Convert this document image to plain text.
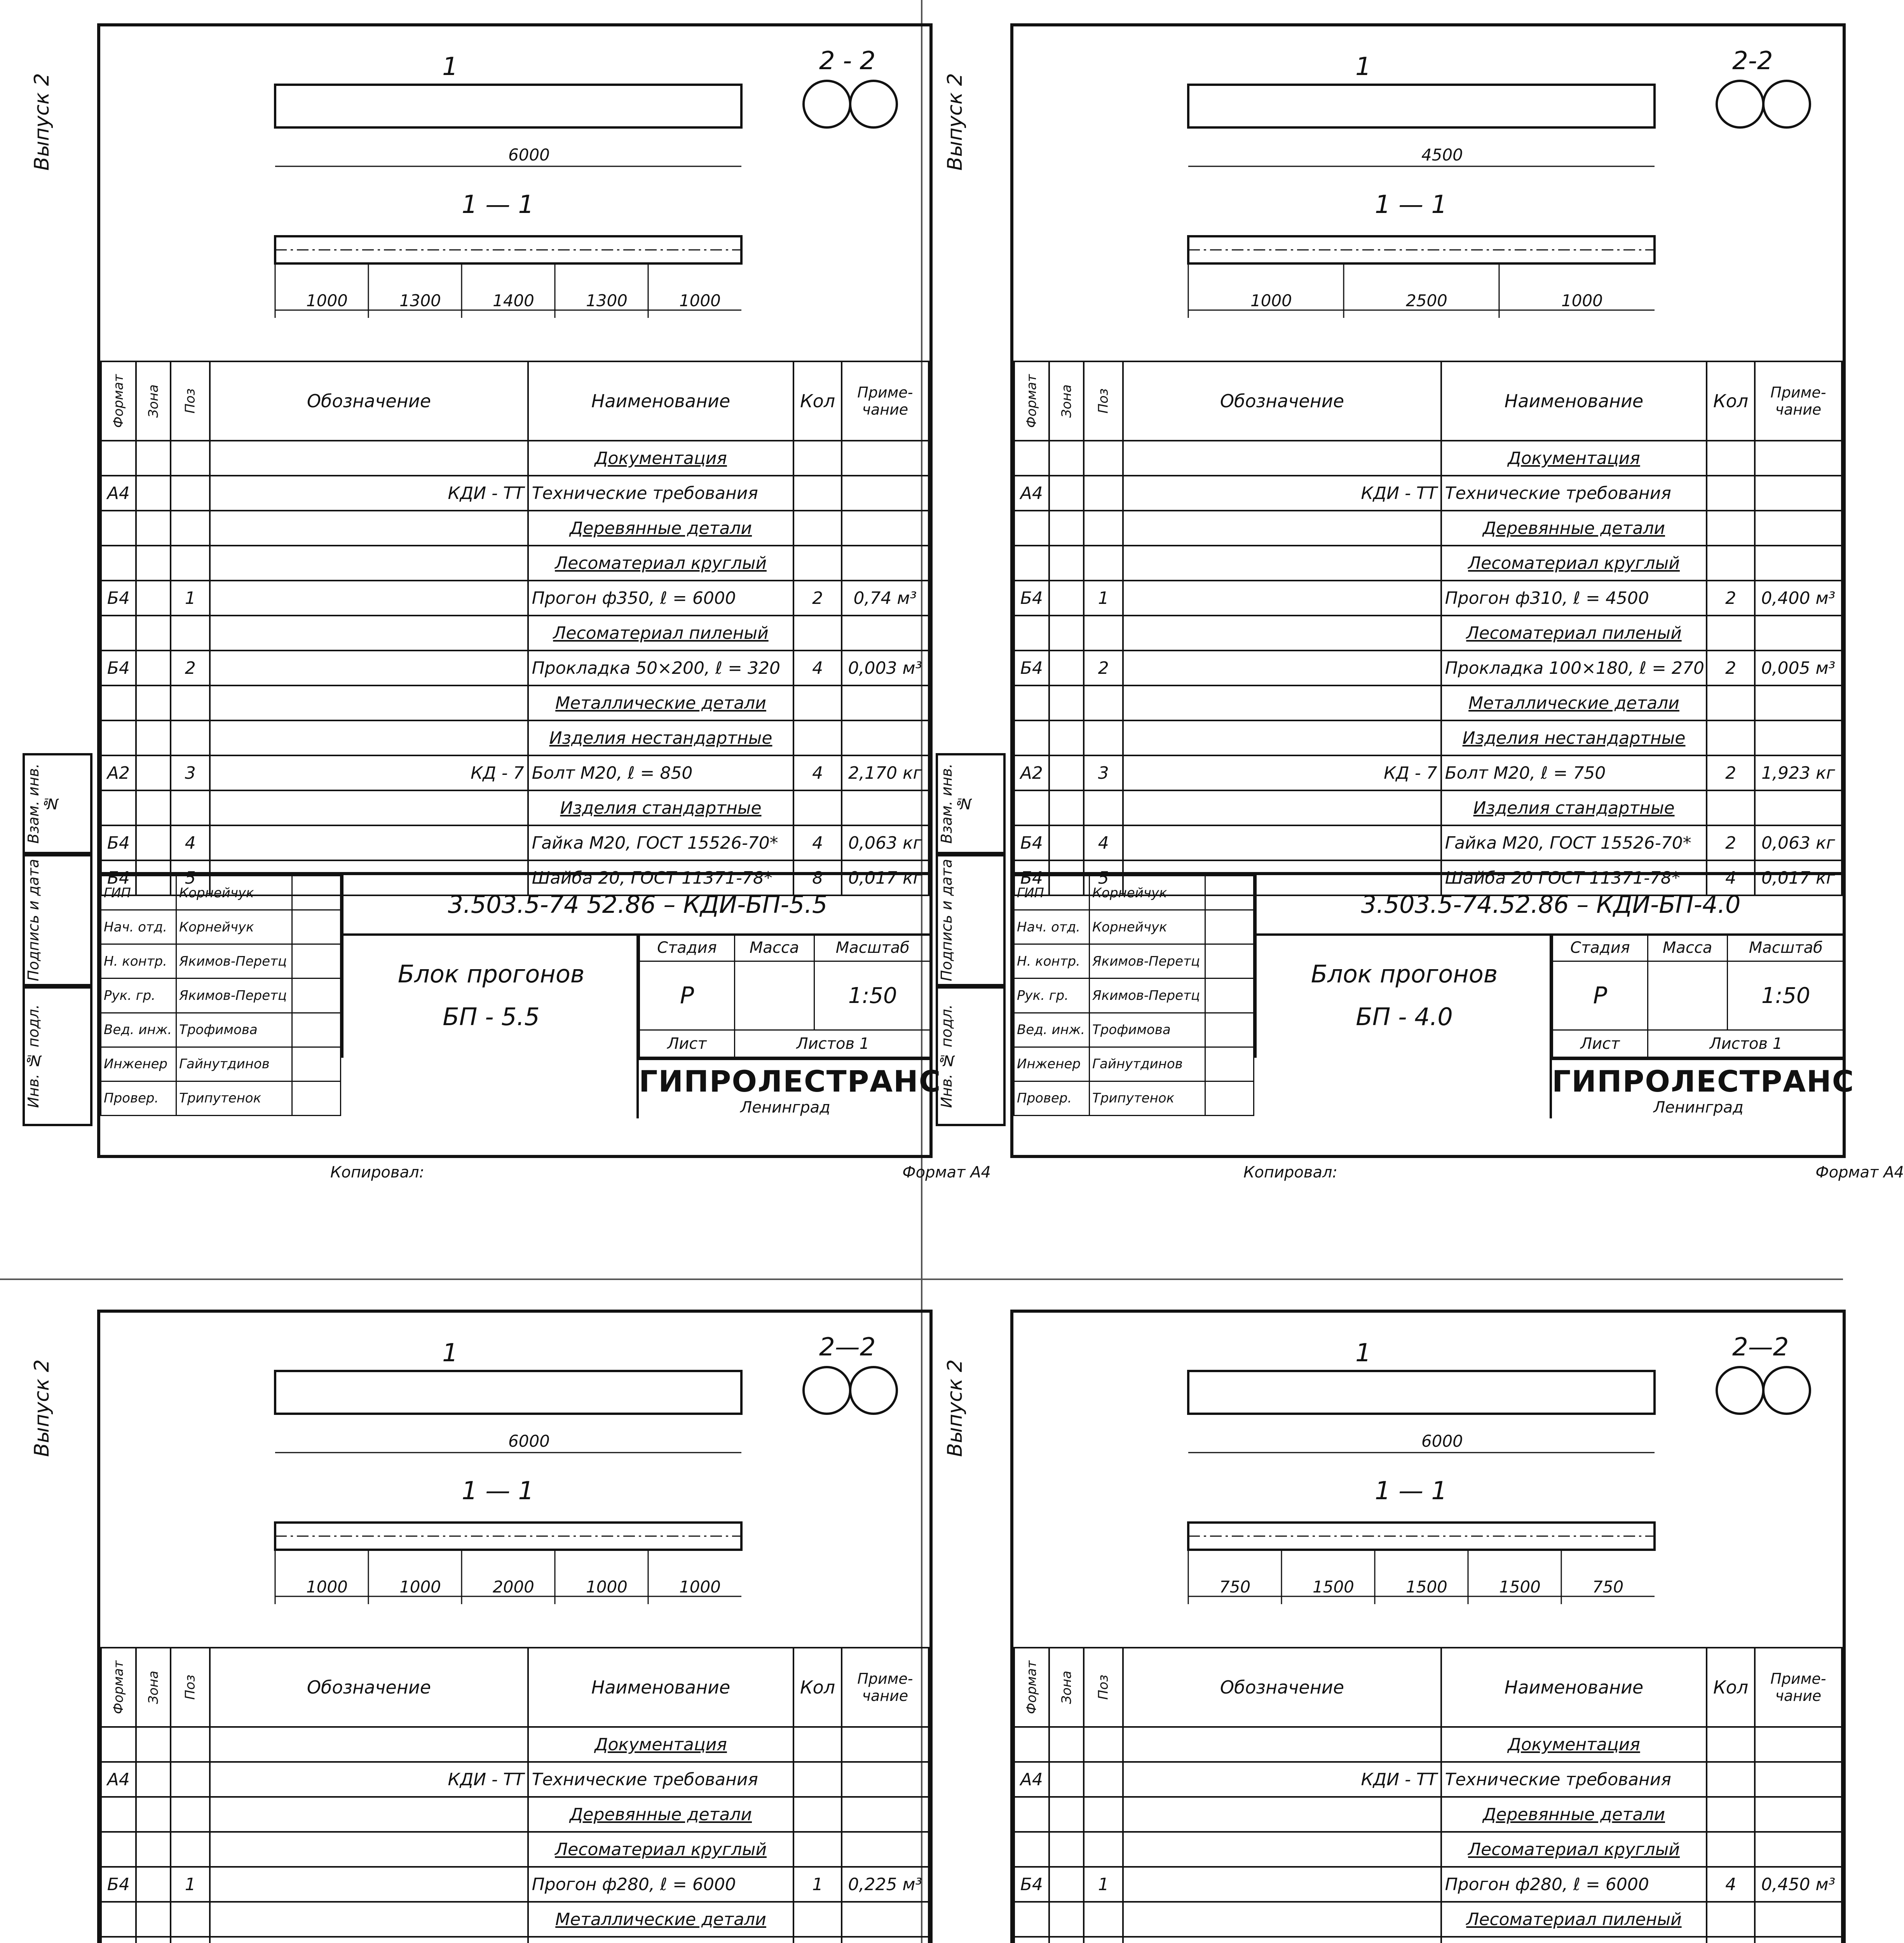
Выпуск 2	6000
1	2 - 2
1 — 1
1000	1300	1400	1300	1000
Формат	Зона	Поз	Обозначение	Наименование	Кол	Приме-
чание
				Документация		
А4			КДИ - ТТ	Технические требования		
				Деревянные детали		
				Лесоматериал круглый		
Б4		1		Прогон ф350, ℓ = 6000	2	0,74 м³
				Лесоматериал пиленый		
Б4		2		Прокладка 50×200, ℓ = 320	4	0,003 м³
				Металлические детали		
				Изделия нестандартные		
А2		3	КД - 7	Болт М20, ℓ = 850	4	2,170 кг
				Изделия стандартные		
Б4		4		Гайка М20, ГОСТ 15526-70*	4	0,063 кг
Б4		5		Шайба 20, ГОСТ 11371-78*	8	0,017 кг
Взам. инв. №
Подпись и дата
Инв. № подл.
ГИП	Корнейчук	
Нач. отд.	Корнейчук	
Н. контр.	Якимов-Перетц	
Рук. гр.	Якимов-Перетц	
Вед. инж.	Трофимова	
Инженер	Гайнутдинов	
Провер.	Трипутенок	
3.503.5-74 52.86 – КДИ-БП-5.5
Блок прогонов
БП - 5.5
Стадия	Масса	Масштаб
Р		1:50
Лист	Листов 1	
ГИПРОЛЕСТРАНС
Ленинград
Копировал:	Формат А4
Выпуск 2	4500
1	2-2
1 — 1
1000	2500	1000
Формат	Зона	Поз	Обозначение	Наименование	Кол	Приме-
чание
				Документация		
А4			КДИ - ТТ	Технические требования		
				Деревянные детали		
				Лесоматериал круглый		
Б4		1		Прогон ф310, ℓ = 4500	2	0,400 м³
				Лесоматериал пиленый		
Б4		2		Прокладка 100×180, ℓ = 270	2	0,005 м³
				Металлические детали		
				Изделия нестандартные		
А2		3	КД - 7	Болт М20, ℓ = 750	2	1,923 кг
				Изделия стандартные		
Б4		4		Гайка М20, ГОСТ 15526-70*	2	0,063 кг
Б4		5		Шайба 20 ГОСТ 11371-78*	4	0,017 кг
Взам. инв. №
Подпись и дата
Инв. № подл.
ГИП	Корнейчук	
Нач. отд.	Корнейчук	
Н. контр.	Якимов-Перетц	
Рук. гр.	Якимов-Перетц	
Вед. инж.	Трофимова	
Инженер	Гайнутдинов	
Провер.	Трипутенок	
3.503.5-74.52.86 – КДИ-БП-4.0
Блок прогонов
БП - 4.0
Стадия	Масса	Масштаб
Р		1:50
Лист	Листов 1	
ГИПРОЛЕСТРАНС
Ленинград
Копировал:	Формат А4
Выпуск 2	6000
1	2—2
1 — 1
1000	1000	2000	1000	1000
Формат	Зона	Поз	Обозначение	Наименование	Кол	Приме-
чание
				Документация		
А4			КДИ - ТТ	Технические требования		
				Деревянные детали		
				Лесоматериал круглый		
Б4		1		Прогон ф280, ℓ = 6000	1	0,225 м³
				Металлические детали		

Выпуск 2	6000
1	2—2
1 — 1
750	1500	1500	1500	750
Формат	Зона	Поз	Обозначение	Наименование	Кол	Приме-
чание
				Документация		
А4			КДИ - ТТ	Технические требования		
				Деревянные детали		
				Лесоматериал круглый		
Б4		1		Прогон ф280, ℓ = 6000	4	0,450 м³
				Лесоматериал пиленый		
